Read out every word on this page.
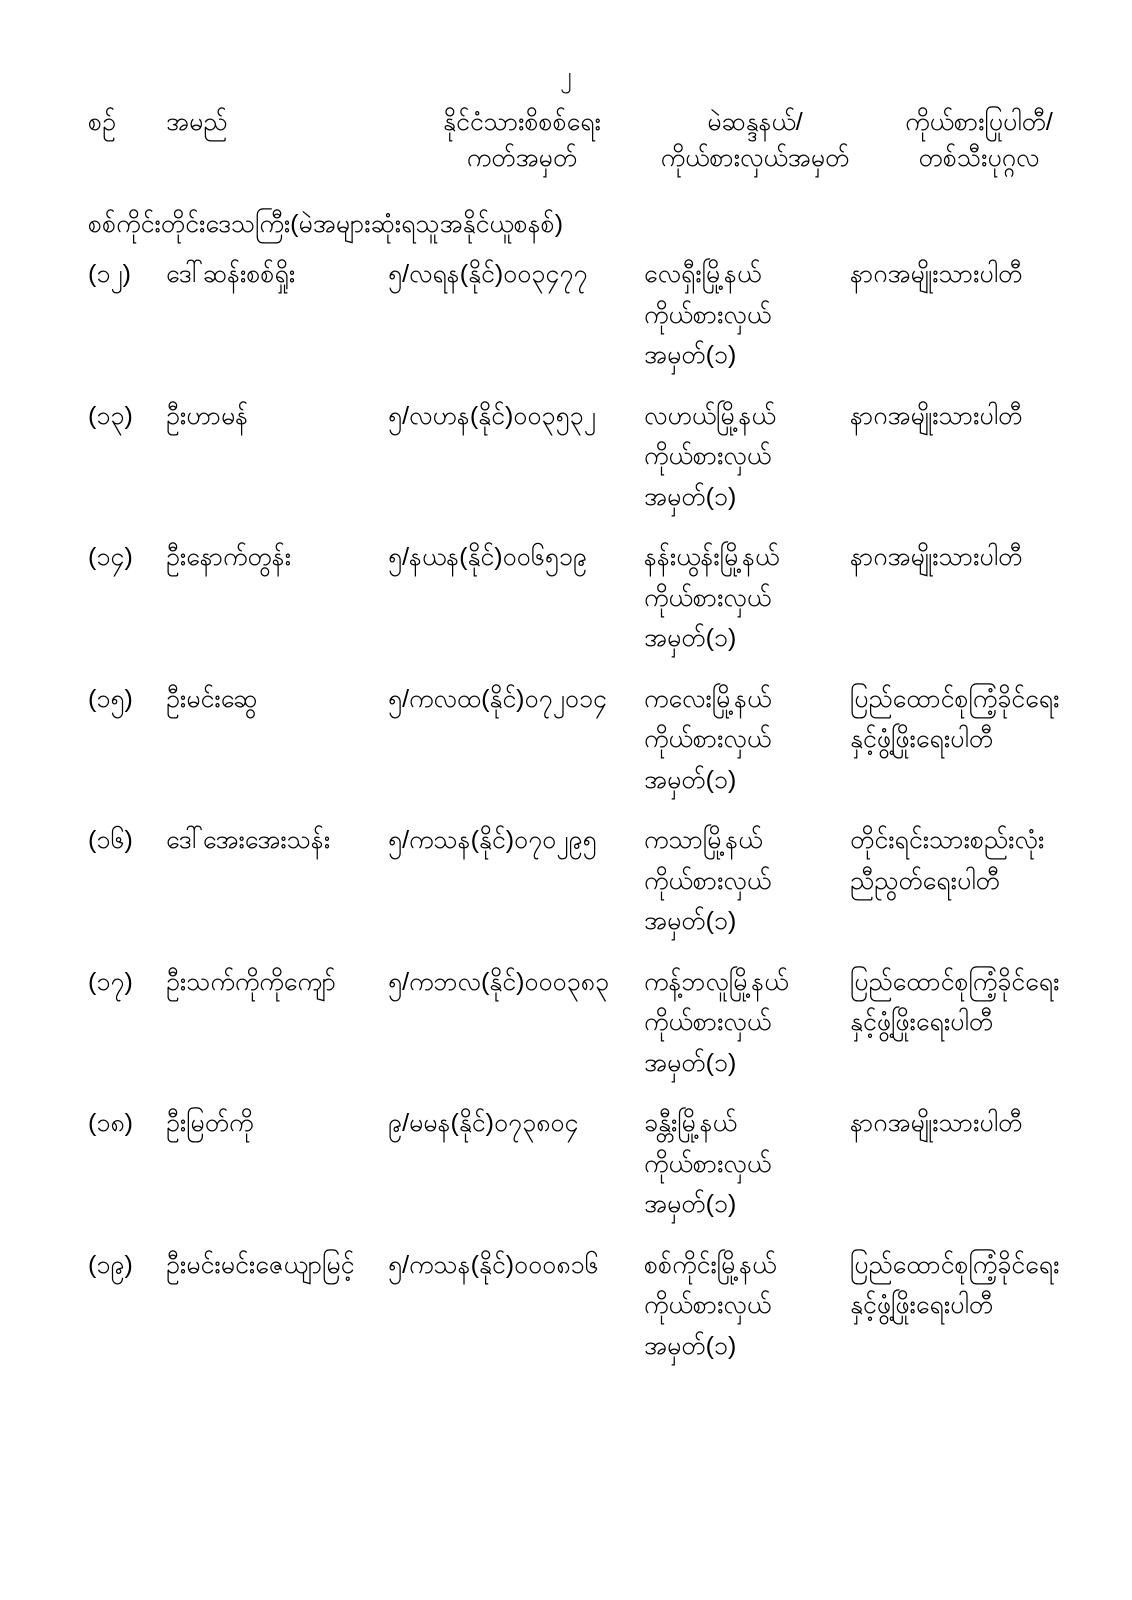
၂
စဉ်	အမည်	နိုင်ငံသားစိစစ်ရေး
ကတ်အမှတ်
မဲဆန္ဒနယ်/
ကိုယ်စားလှယ်အမှတ်
ကိုယ်စားပြုပါတီ/
တစ်သီးပုဂ္ဂလ
စစ်ကိုင်းတိုင်းဒေသကြီး(မဲအများဆုံးရသူအနိုင်ယူစနစ်)
(၁၂)	ဒေါ်ဆန်းစစ်ရှိုး	၅/လရန(နိုင်)၀၀၃၄၇၇	လေရှီးမြို့နယ်
ကိုယ်စားလှယ်
အမှတ်(၁)
နာဂအမျိုးသားပါတီ
(၁၃)	ဦးဟာမန်	၅/လဟန(နိုင်)၀၀၃၅၃၂	လဟယ်မြို့နယ်
ကိုယ်စားလှယ်
အမှတ်(၁)
နာဂအမျိုးသားပါတီ
(၁၄)	ဦးနောက်တွန်း	၅/နယန(နိုင်)၀၀၆၅၁၉	နန်းယွန်းမြို့နယ်
ကိုယ်စားလှယ်
အမှတ်(၁)
နာဂအမျိုးသားပါတီ
(၁၅)	ဦးမင်းဆွေ	၅/ကလထ(နိုင်)၀၇၂၀၁၄	ကလေးမြို့နယ်
ကိုယ်စားလှယ်
အမှတ်(၁)
ပြည်ထောင်စုကြံ့ခိုင်ရေး
နှင့်ဖွံ့ဖြိုးရေးပါတီ
(၁၆)	ဒေါ်အေးအေးသန်း	၅/ကသန(နိုင်)၀၇၀၂၉၅	ကသာမြို့နယ်
ကိုယ်စားလှယ်
အမှတ်(၁)
တိုင်းရင်းသားစည်းလုံး
ညီညွတ်ရေးပါတီ
(၁၇)	ဦးသက်ကိုကိုကျော်	၅/ကဘလ(နိုင်)၀၀၀၃၈၃	ကန့်ဘလူမြို့နယ်
ကိုယ်စားလှယ်
အမှတ်(၁)
ပြည်ထောင်စုကြံ့ခိုင်ရေး
နှင့်ဖွံ့ဖြိုးရေးပါတီ
(၁၈)	ဦးမြတ်ကို	၉/မမန(နိုင်)၀၇၃၈၀၄	ခန္တီးမြို့နယ်
ကိုယ်စားလှယ်
အမှတ်(၁)
နာဂအမျိုးသားပါတီ
(၁၉)	ဦးမင်းမင်းဇေယျာမြင့်	၅/ကသန(နိုင်)၀၀၀၈၁၆	စစ်ကိုင်းမြို့နယ်
ကိုယ်စားလှယ်
အမှတ်(၁)
ပြည်ထောင်စုကြံ့ခိုင်ရေး
နှင့်ဖွံ့ဖြိုးရေးပါတီ
